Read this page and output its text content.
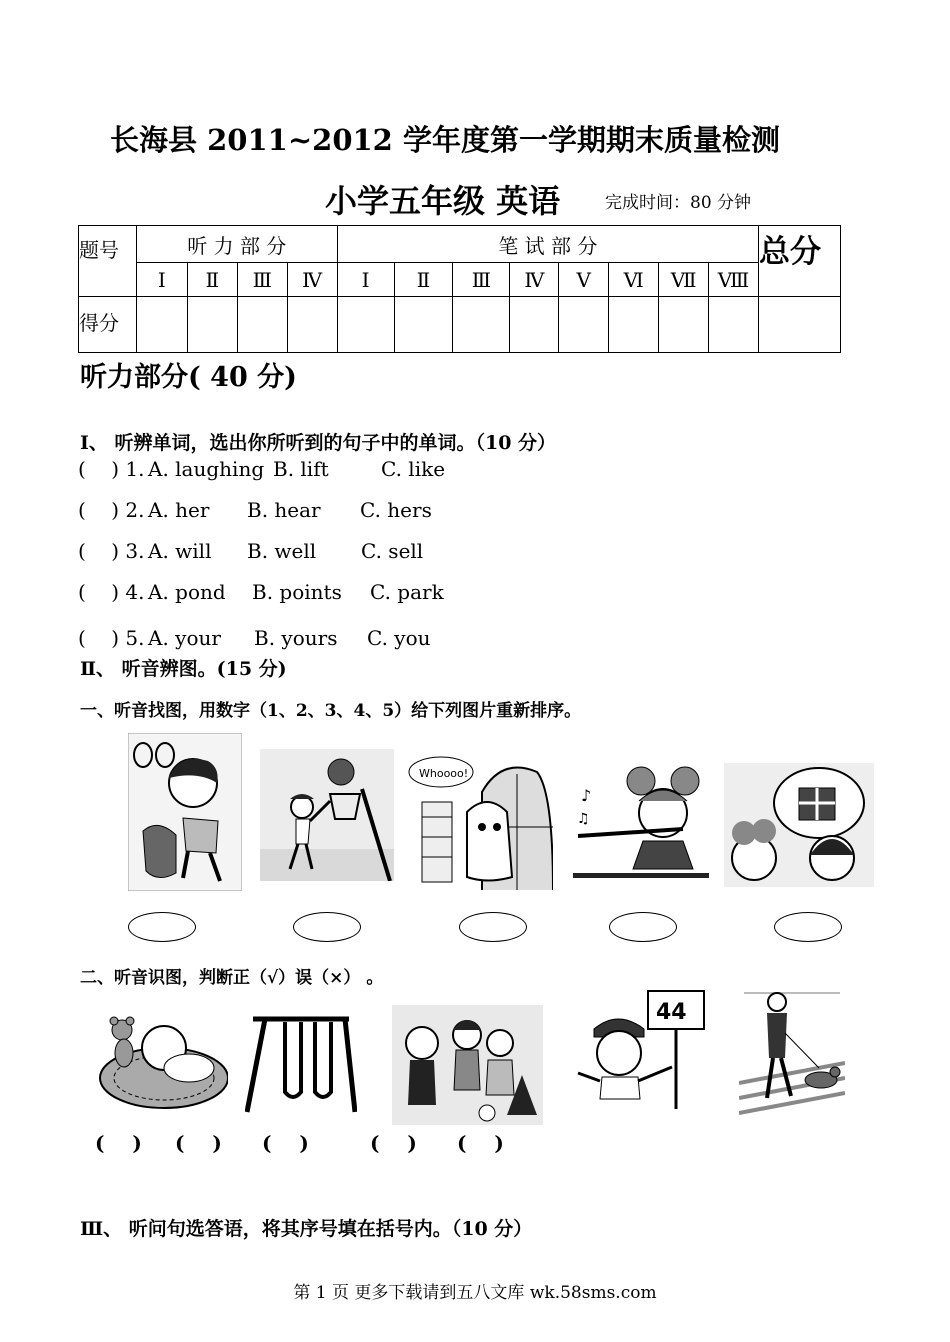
长海县 2011~2012 学年度第一学期期末质量检测
小学五年级 英语	完成时间：80 分钟
题号	听 力 部 分				笔 试 部 分								总分
	Ⅰ	Ⅱ	Ⅲ	Ⅳ	Ⅰ	Ⅱ	Ⅲ	Ⅳ	Ⅴ	Ⅵ	Ⅶ	Ⅷ	
得分													
听力部分( 40 分)
Ⅰ、 听辨单词，选出你所听到的句子中的单词。（10 分）
(    ) 1. A. laughing B. lift	C. like
(    ) 2. A. her B. hear C. hers
(    ) 3. A. will B. well C. sell
(    ) 4. A. pond B. points C. park
(    ) 5. A. your B. yours C. you
Ⅱ、 听音辨图。(15 分)
一、听音找图，用数字（1、2、3、4、5）给下列图片重新排序。
Whoooo!
♪
♫
二、听音识图，判断正（√）误（×） 。
44
(    ) (    ) (    )	(    ) (    )
Ⅲ、 听问句选答语，将其序号填在括号内。（10 分）
第 1 页 更多下载请到五八文库 wk.58sms.com
